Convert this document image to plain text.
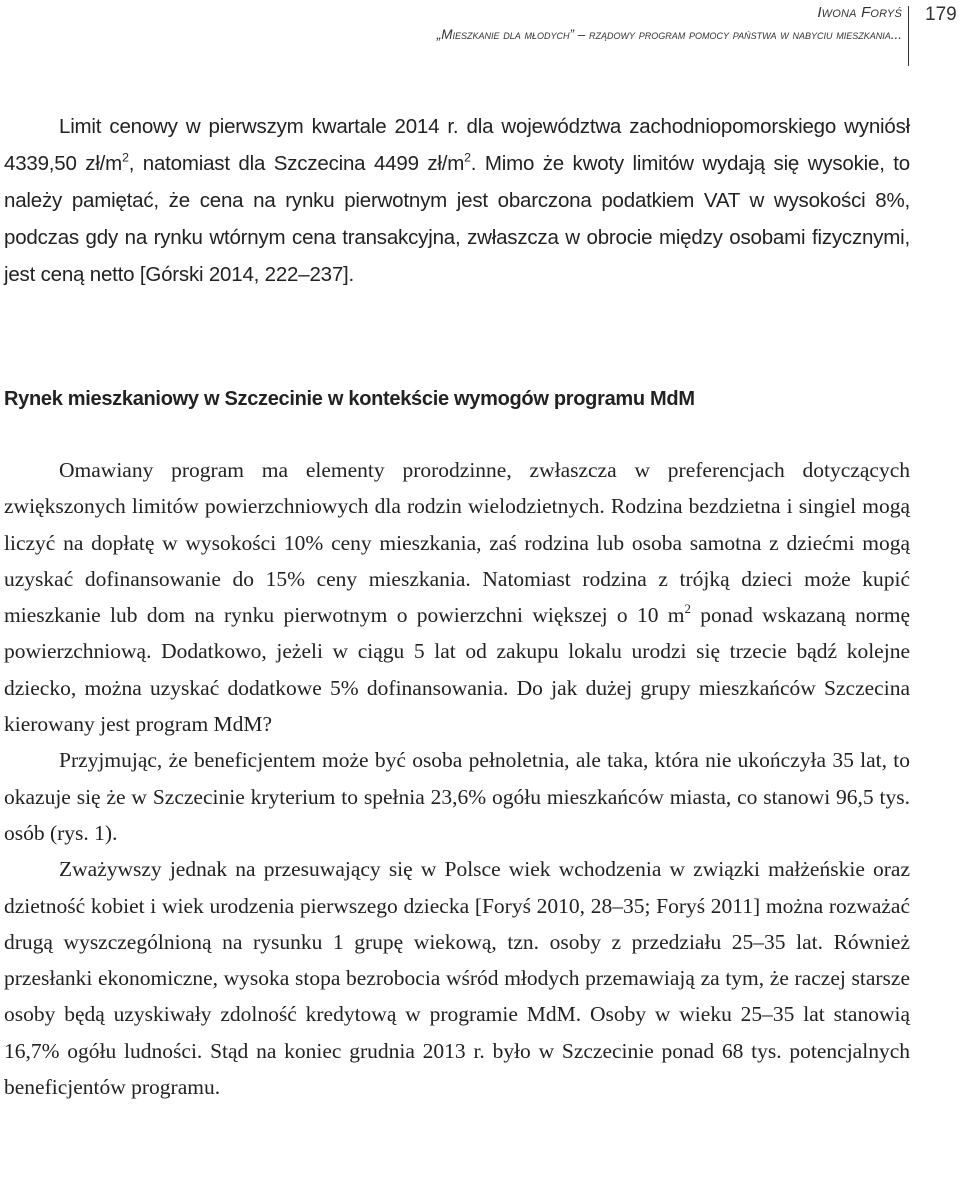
Iwona Foryś
„Mieszkanie dla młodych” – rządowy program pomocy państwa w nabyciu mieszkania...
179

Limit cenowy w pierwszym kwartale 2014 r. dla województwa zachodniopomorskiego wyniósł 4339,50 $zł/m^2$, natomiast dla Szczecina 4499 $zł/m^2$. Mimo że kwoty limitów wydają się wysokie, to należy pamiętać, że cena na rynku pierwotnym jest obarczona podatkiem VAT w wysokości 8%, podczas gdy na rynku wtórnym cena transakcyjna, zwłaszcza w obrocie między osobami fizycznymi, jest ceną netto [Górski 2014, 222–237].

Rynek mieszkaniowy w Szczecinie w kontekście wymogów programu MdM

Omawiany program ma elementy prorodzinne, zwłaszcza w preferencjach dotyczących zwiększonych limitów powierzchniowych dla rodzin wielodzietnych. Rodzina bezdzietna i singiel mogą liczyć na dopłatę w wysokości 10% ceny mieszkania, zaś rodzina lub osoba samotna z dziećmi mogą uzyskać dofinansowanie do 15% ceny mieszkania. Natomiast rodzina z trójką dzieci może kupić mieszkanie lub dom na rynku pierwotnym o powierzchni większej o 10 $m^2$ ponad wskazaną normę powierzchniową. Dodatkowo, jeżeli w ciągu 5 lat od zakupu lokalu urodzi się trzecie bądź kolejne dziecko, można uzyskać dodatkowe 5% dofinansowania. Do jak dużej grupy mieszkańców Szczecina kierowany jest program MdM?

Przyjmując, że beneficjentem może być osoba pełnoletnia, ale taka, która nie ukończyła 35 lat, to okazuje się że w Szczecinie kryterium to spełnia 23,6% ogółu mieszkańców miasta, co stanowi 96,5 tys. osób (rys. 1).

Zważywszy jednak na przesuwający się w Polsce wiek wchodzenia w związki małżeńskie oraz dzietność kobiet i wiek urodzenia pierwszego dziecka [Foryś 2010, 28–35; Foryś 2011] można rozważać drugą wyszczególnioną na rysunku 1 grupę wiekową, tzn. osoby z przedziału 25–35 lat. Również przesłanki ekonomiczne, wysoka stopa bezrobocia wśród młodych przemawiają za tym, że raczej starsze osoby będą uzyskiwały zdolność kredytową w programie MdM. Osoby w wieku 25–35 lat stanowią 16,7% ogółu ludności. Stąd na koniec grudnia 2013 r. było w Szczecinie ponad 68 tys. potencjalnych beneficjentów programu.
